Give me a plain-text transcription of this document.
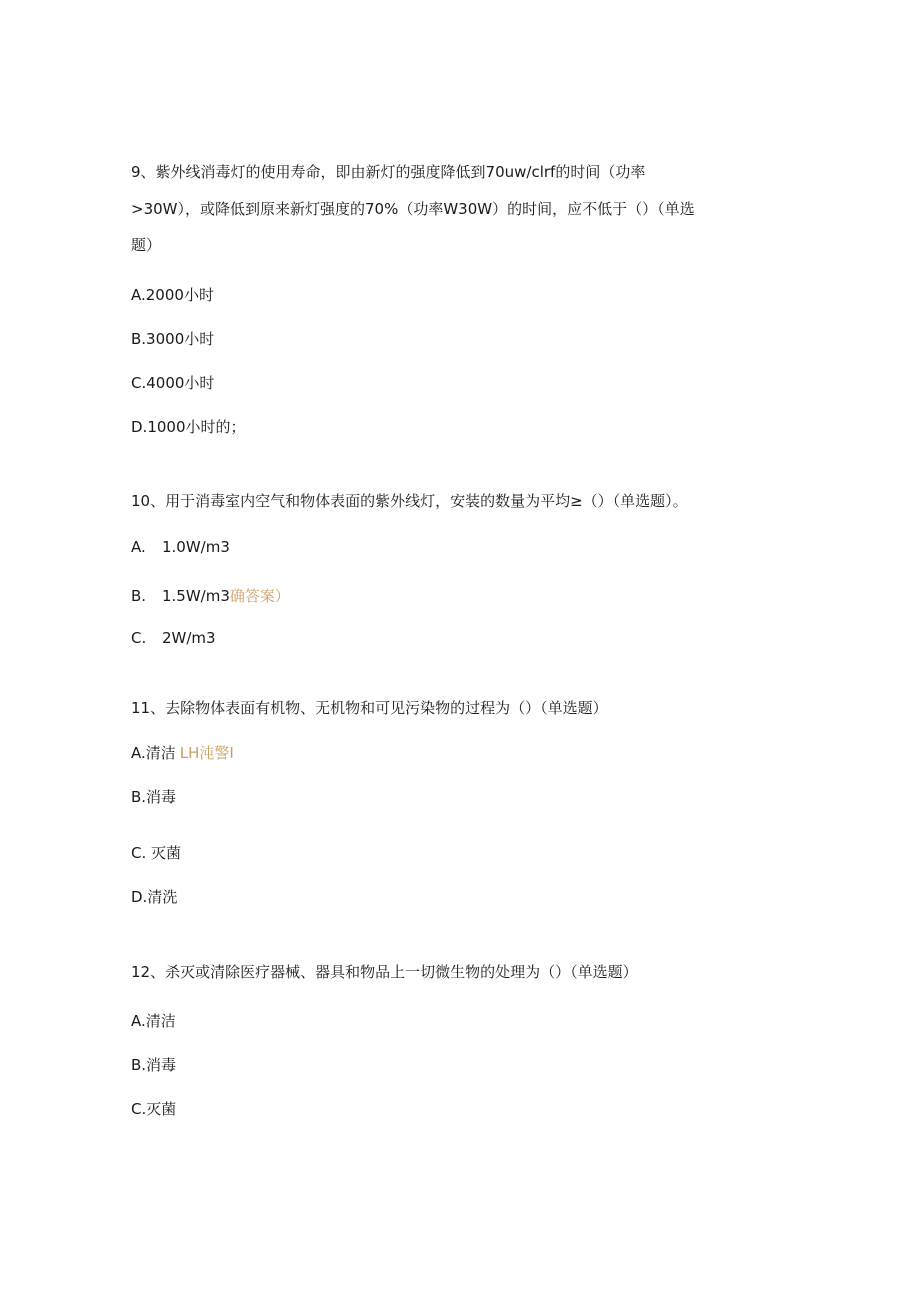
9、紫外线消毒灯的使用寿命，即由新灯的强度降低到70uw∕clrf的时间（功率
>30W），或降低到原来新灯强度的70%（功率W30W）的时间，应不低于（）（单选
题）
A.2000小时
B.3000小时
C.4000小时
D.1000小时的；
10、用于消毒室内空气和物体表面的紫外线灯，安装的数量为平均≥（）（单选题）。
A. 1.0W∕m3
B. 1.5W∕m3确答案）
C. 2W∕m3
11、去除物体表面有机物、无机物和可见污染物的过程为（）（单选题）
A.清洁 LH沌警I
B.消毒
C. 灭菌
D.清洗
12、杀灭或清除医疗器械、器具和物品上一切微生物的处理为（）（单选题）
A.清洁
B.消毒
C.灭菌
